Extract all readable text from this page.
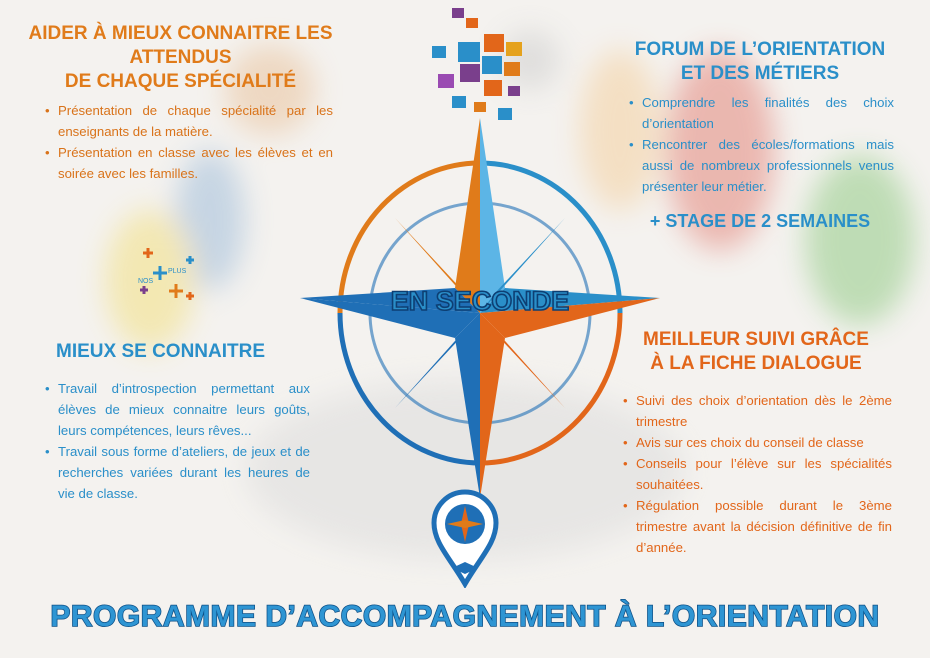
EN SECONDE
NOS
PLUS
AIDER À MIEUX CONNAITRE LES
ATTENDUS
DE CHAQUE SPÉCIALITÉ
• Présentation de chaque spécialité par les enseignants de la matière.
• Présentation en classe avec les élèves et en soirée avec les familles.
FORUM DE L’ORIENTATION
ET DES MÉTIERS
• Comprendre les finalités des choix d’orientation
• Rencontrer des écoles/formations mais aussi de nombreux professionnels venus présenter leur métier.
+ STAGE DE 2 SEMAINES
MIEUX SE CONNAITRE
• Travail d’introspection permettant aux élèves de mieux connaitre leurs goûts, leurs compétences, leurs rêves...
• Travail sous forme d’ateliers, de jeux et de recherches variées durant les heures de vie de classe.
MEILLEUR SUIVI GRÂCE
À LA FICHE DIALOGUE
• Suivi des choix d’orientation dès le 2ème trimestre
• Avis sur ces choix du conseil de classe
• Conseils pour l’élève sur les spécialités souhaitées.
• Régulation possible durant le 3ème trimestre avant la décision définitive de fin d’année.
PROGRAMME D’ACCOMPAGNEMENT À L’ORIENTATION
